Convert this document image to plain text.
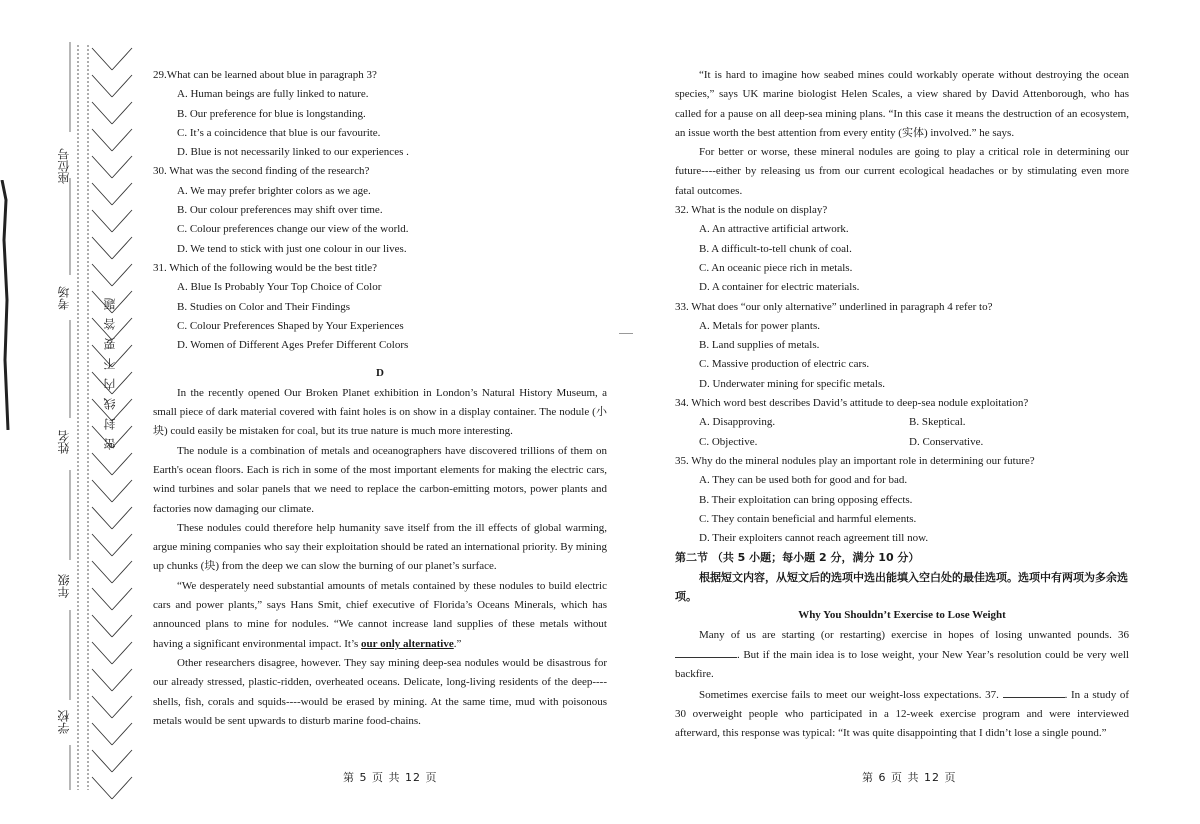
座位号
考场
姓名
年级
学校
密封线内不要答题

29.What can be learned about blue in paragraph 3?

A. Human beings are fully linked to nature.

B. Our preference for blue is longstanding.

C. It’s a coincidence that blue is our favourite.

D. Blue is not necessarily linked to our experiences .

30. What was the second finding of the research?

A. We may prefer brighter colors as we age.

B. Our colour preferences may shift over time.

C. Colour preferences change our view of the world.

D. We tend to stick with just one colour in our lives.

31. Which of the following would be the best title?

A. Blue Is Probably Your Top Choice of Color

B. Studies on Color and Their Findings

C. Colour Preferences Shaped by Your Experiences

D. Women of Different Ages Prefer Different Colors

D

In the recently opened Our Broken Planet exhibition in London’s Natural History Museum, a small piece of dark material covered with faint holes is on show in a display container. The nodule (小块) could easily be mistaken for coal, but its true nature is much more interesting.

The nodule is a combination of metals and oceanographers have discovered trillions of them on Earth's ocean floors. Each is rich in some of the most important elements for making the electric cars, wind turbines and solar panels that we need to replace the carbon-emitting motors, power plants and factories now damaging our climate.

These nodules could therefore help humanity save itself from the ill effects of global warming, argue mining companies who say their exploitation should be rated an international priority. By mining up chunks (块) from the deep we can slow the burning of our planet’s surface.

“We desperately need substantial amounts of metals contained by these nodules to build electric cars and power plants,” says Hans Smit, chief executive of Florida’s Oceans Minerals, which has announced plans to mine for nodules. “We cannot increase land supplies of these metals without having a significant environmental impact. It’s our only alternative.”

Other researchers disagree, however. They say mining deep-sea nodules would be disastrous for our already stressed, plastic-ridden, overheated oceans. Delicate, long-living residents of the deep----shells, fish, corals and squids----would be erased by mining. At the same time, mud with poisonous metals would be sent upwards to disturb marine food-chains.

第 5 页 共 12 页

“It is hard to imagine how seabed mines could workably operate without destroying the ocean species,” says UK marine biologist Helen Scales, a view shared by David Attenborough, who has called for a pause on all deep-sea mining plans. “In this case it means the destruction of an ecosystem, an issue worth the best attention from every entity (实体) involved.” he says.

For better or worse, these mineral nodules are going to play a critical role in determining our future----either by releasing us from our current ecological headaches or by stimulating even more fatal outcomes.

32. What is the nodule on display?

A. An attractive artificial artwork.

B. A difficult-to-tell chunk of coal.

C. An oceanic piece rich in metals.

D. A container for electric materials.

33. What does “our only alternative” underlined in paragraph 4 refer to?

A. Metals for power plants.

B. Land supplies of metals.

C. Massive production of electric cars.

D. Underwater mining for specific metals.

34. Which word best describes David’s attitude to deep-sea nodule exploitation?

A. Disapproving.	B. Skeptical.
C. Objective.	D. Conservative.

35. Why do the mineral nodules play an important role in determining our future?

A. They can be used both for good and for bad.

B. Their exploitation can bring opposing effects.

C. They contain beneficial and harmful elements.

D. Their exploiters cannot reach agreement till now.

第二节 （共 5 小题；每小题 2 分，满分 10 分）

根据短文内容，从短文后的选项中选出能填入空白处的最佳选项。选项中有两项为多余选项。

Why You Shouldn’t Exercise to Lose Weight

Many of us are starting (or restarting) exercise in hopes of losing unwanted pounds. 36. But if the main idea is to lose weight, your New Year’s resolution could be very well backfire.

Sometimes exercise fails to meet our weight-loss expectations. 37.	. In a study of 30 overweight people who participated in a 12-week exercise program and were interviewed afterward, this response was typical: “It was quite disappointing that I didn’t lose a single pound.”

第 6 页 共 12 页
